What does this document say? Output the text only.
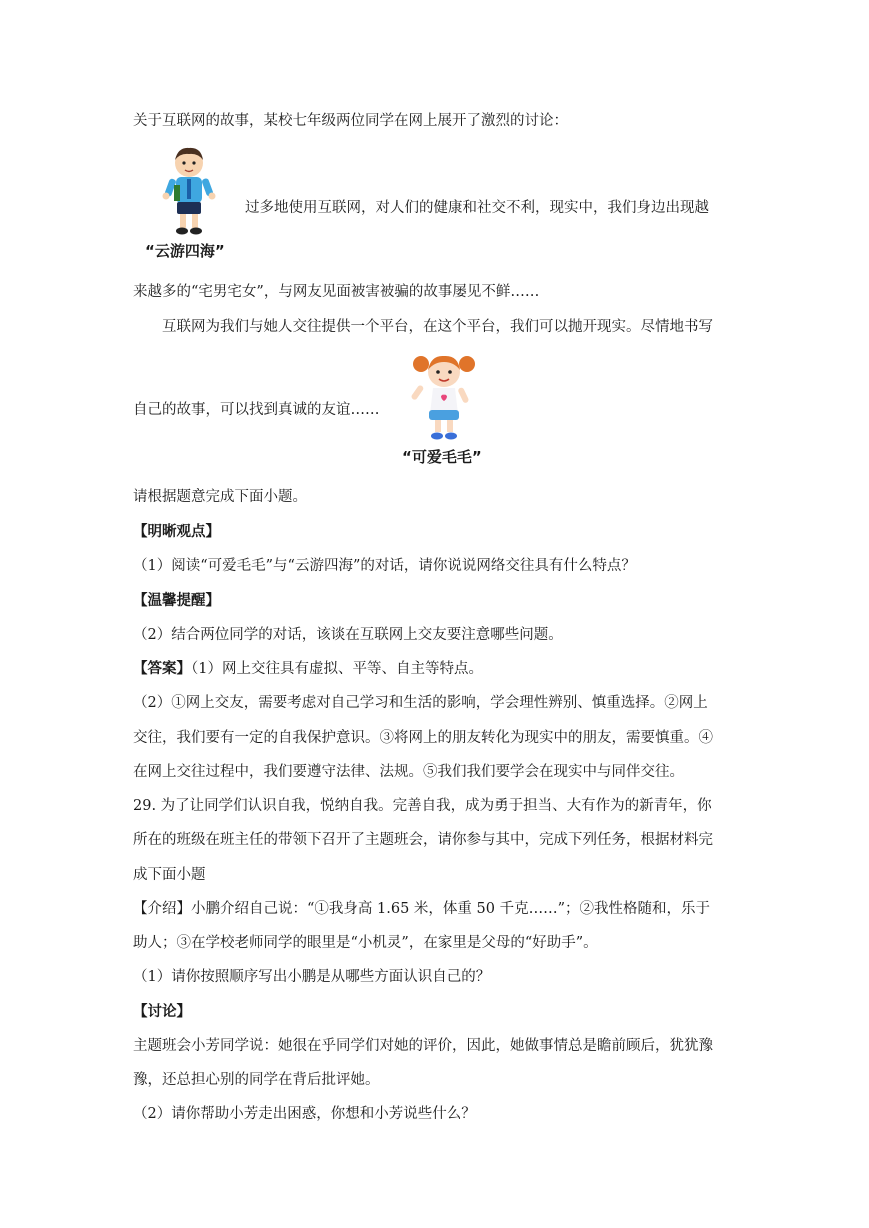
关于互联网的故事，某校七年级两位同学在网上展开了激烈的讨论：
“云游四海”
过多地使用互联网，对人们的健康和社交不利，现实中，我们身边出现越
来越多的“宅男宅女”，与网友见面被害被骗的故事屡见不鲜……
互联网为我们与她人交往提供一个平台，在这个平台，我们可以抛开现实。尽情地书写
自己的故事，可以找到真诚的友谊……
“可爱毛毛”
请根据题意完成下面小题。
【明晰观点】
（1）阅读“可爱毛毛”与“云游四海”的对话，请你说说网络交往具有什么特点？
【温馨提醒】
（2）结合两位同学的对话，该谈在互联网上交友要注意哪些问题。
【答案】（1）网上交往具有虚拟、平等、自主等特点。
（2）①网上交友，需要考虑对自己学习和生活的影响，学会理性辨别、慎重选择。②网上
交往，我们要有一定的自我保护意识。③将网上的朋友转化为现实中的朋友，需要慎重。④
在网上交往过程中，我们要遵守法律、法规。⑤我们我们要学会在现实中与同伴交往。
29. 为了让同学们认识自我，悦纳自我。完善自我，成为勇于担当、大有作为的新青年，你
所在的班级在班主任的带领下召开了主题班会，请你参与其中，完成下列任务，根据材料完
成下面小题
【介绍】小鹏介绍自己说：“①我身高 1.65 米，体重 50 千克……”；②我性格随和，乐于
助人；③在学校老师同学的眼里是“小机灵”，在家里是父母的“好助手”。
（1）请你按照顺序写出小鹏是从哪些方面认识自己的？
【讨论】
主题班会小芳同学说：她很在乎同学们对她的评价，因此，她做事情总是瞻前顾后，犹犹豫
豫，还总担心别的同学在背后批评她。
（2）请你帮助小芳走出困惑，你想和小芳说些什么？
